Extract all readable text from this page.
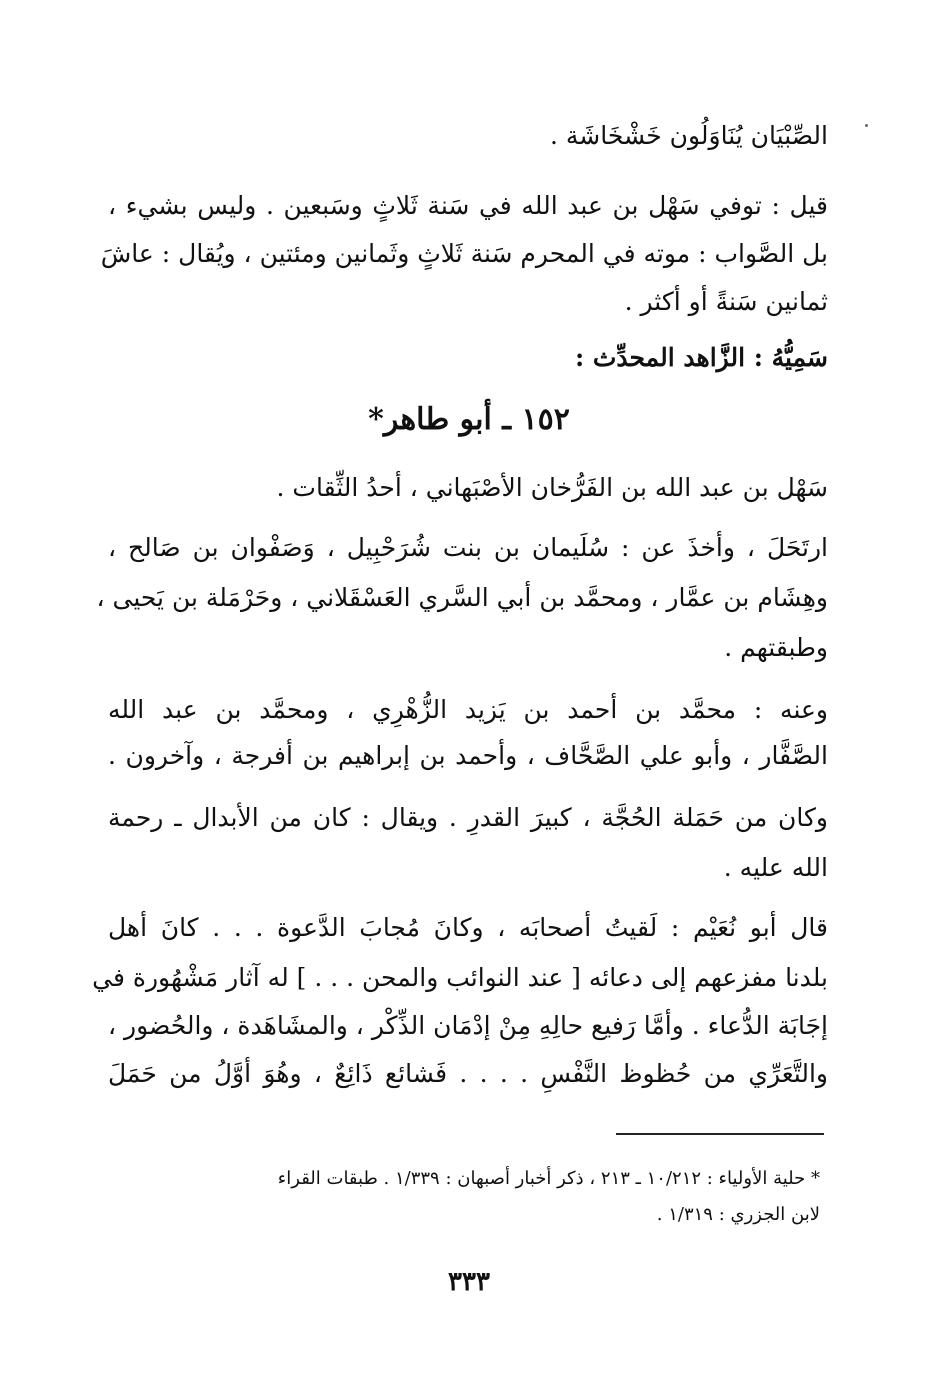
الصِّبْيَان يُنَاوَلُون خَشْخَاشَة .
قيل : توفي سَهْل بن عبد الله في سَنة ثَلاثٍ وسَبعين . وليس بشيء ،
بل الصَّواب : موته في المحرم سَنة ثَلاثٍ وثَمانين ومئتين ، ويُقال : عاشَ
ثمانين سَنةً أو أكثر .
سَمِيُّهُ : الزَّاهد المحدِّث :
١٥٢ ـ أبو طاهر*
سَهْل بن عبد الله بن الفَرُّخان الأصْبَهاني ، أحدُ الثِّقات .
ارتَحَلَ ، وأخذَ عن : سُلَيمان بن بنت شُرَحْبِيل ، وَصَفْوان بن صَالح ،
وهِشَام بن عمَّار ، ومحمَّد بن أبي السَّري العَسْقَلاني ، وحَرْمَلة بن يَحيى ،
وطبقتهم .
وعنه : محمَّد بن أحمد بن يَزيد الزُّهْرِي ، ومحمَّد بن عبد الله
الصَّفَّار ، وأبو علي الصَّحَّاف ، وأحمد بن إبراهيم بن أفرجة ، وآخرون .
وكان من حَمَلة الحُجَّة ، كبيرَ القدرِ . ويقال : كان من الأبدال ـ رحمة
الله عليه .
قال أبو نُعَيْم : لَقيتُ أصحابَه ، وكانَ مُجابَ الدَّعوة . . . كانَ أهل
بلدنا مفزعهم إلى دعائه [ عند النوائب والمحن . . . ] له آثار مَشْهُورة في
إجَابَة الدُّعاء . وأمَّا رَفيع حالِهِ مِنْ إدْمَان الذِّكْر ، والمشَاهَدة ، والحُضور ،
والتَّعَرِّي من حُظوظ النَّفْسِ . . . . فَشائع ذَائِعٌ ، وهُوَ أوَّلُ من حَمَلَ
* حلية الأولياء : ١٠/٢١٢ ـ ٢١٣ ، ذكر أخبار أصبهان : ١/٣٣٩ . طبقات القراء
لابن الجزري : ١/٣١٩ .
٣٣٣
